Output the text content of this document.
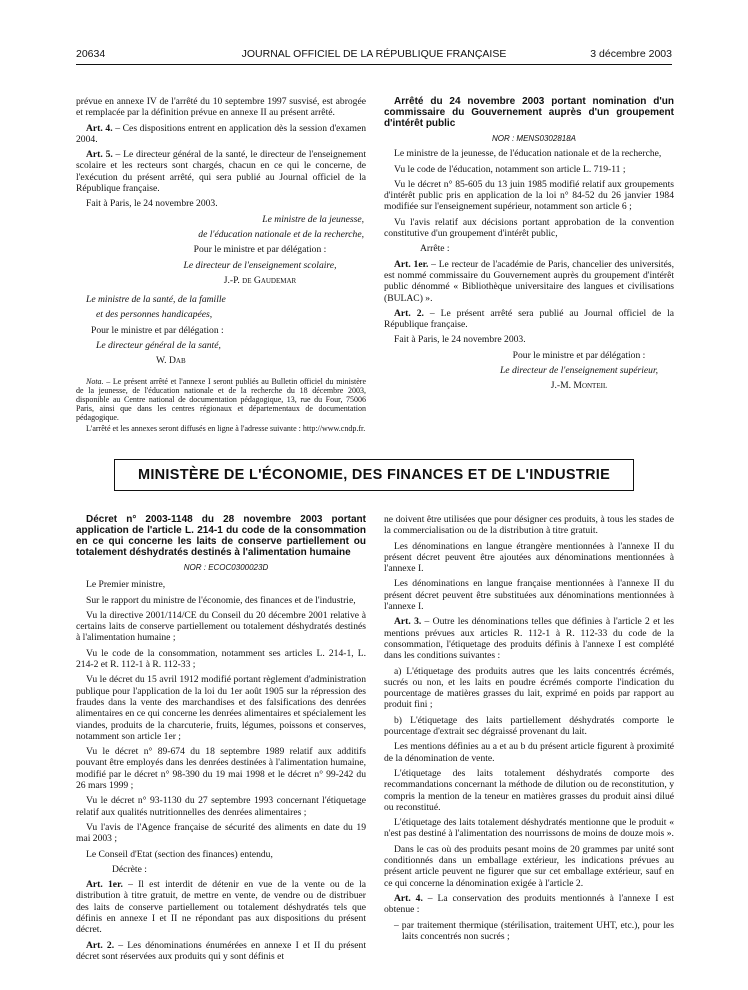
20634	JOURNAL OFFICIEL DE LA RÉPUBLIQUE FRANÇAISE	3 décembre 2003

prévue en annexe IV de l'arrêté du 10 septembre 1997 susvisé, est abrogée et remplacée par la définition prévue en annexe II au présent arrêté.

Art. 4. – Ces dispositions entrent en application dès la session d'examen 2004.

Art. 5. – Le directeur général de la santé, le directeur de l'enseignement scolaire et les recteurs sont chargés, chacun en ce qui le concerne, de l'exécution du présent arrêté, qui sera publié au Journal officiel de la République française.

Fait à Paris, le 24 novembre 2003.

Le ministre de la jeunesse,

de l'éducation nationale et de la recherche,

Pour le ministre et par délégation :

Le directeur de l'enseignement scolaire,

J.-P. de Gaudemar

Le ministre de la santé, de la famille

et des personnes handicapées,

Pour le ministre et par délégation :

Le directeur général de la santé,

W. Dab

Nota. – Le présent arrêté et l'annexe I seront publiés au Bulletin officiel du ministère de la jeunesse, de l'éducation nationale et de la recherche du 18 décembre 2003, disponible au Centre national de documentation pédagogique, 13, rue du Four, 75006 Paris, ainsi que dans les centres régionaux et départementaux de documentation pédagogique.

L'arrêté et les annexes seront diffusés en ligne à l'adresse suivante : http://www.cndp.fr.

Arrêté du 24 novembre 2003 portant nomination d'un commissaire du Gouvernement auprès d'un groupement d'intérêt public

NOR : MENS0302818A

Le ministre de la jeunesse, de l'éducation nationale et de la recherche,

Vu le code de l'éducation, notamment son article L. 719-11 ;

Vu le décret n° 85-605 du 13 juin 1985 modifié relatif aux groupements d'intérêt public pris en application de la loi n° 84-52 du 26 janvier 1984 modifiée sur l'enseignement supérieur, notamment son article 6 ;

Vu l'avis relatif aux décisions portant approbation de la convention constitutive d'un groupement d'intérêt public,

Arrête :

Art. 1er. – Le recteur de l'académie de Paris, chancelier des universités, est nommé commissaire du Gouvernement auprès du groupement d'intérêt public dénommé « Bibliothèque universitaire des langues et civilisations (BULAC) ».

Art. 2. – Le présent arrêté sera publié au Journal officiel de la République française.

Fait à Paris, le 24 novembre 2003.

Pour le ministre et par délégation :

Le directeur de l'enseignement supérieur,

J.-M. Monteil

MINISTÈRE DE L'ÉCONOMIE, DES FINANCES ET DE L'INDUSTRIE

Décret n° 2003-1148 du 28 novembre 2003 portant application de l'article L. 214-1 du code de la consommation en ce qui concerne les laits de conserve partiellement ou totalement déshydratés destinés à l'alimentation humaine

NOR : ECOC0300023D

Le Premier ministre,

Sur le rapport du ministre de l'économie, des finances et de l'industrie,

Vu la directive 2001/114/CE du Conseil du 20 décembre 2001 relative à certains laits de conserve partiellement ou totalement déshydratés destinés à l'alimentation humaine ;

Vu le code de la consommation, notamment ses articles L. 214-1, L. 214-2 et R. 112-1 à R. 112-33 ;

Vu le décret du 15 avril 1912 modifié portant règlement d'administration publique pour l'application de la loi du 1er août 1905 sur la répression des fraudes dans la vente des marchandises et des falsifications des denrées alimentaires en ce qui concerne les denrées alimentaires et spécialement les viandes, produits de la charcuterie, fruits, légumes, poissons et conserves, notamment son article 1er ;

Vu le décret n° 89-674 du 18 septembre 1989 relatif aux additifs pouvant être employés dans les denrées destinées à l'alimentation humaine, modifié par le décret n° 98-390 du 19 mai 1998 et le décret n° 99-242 du 26 mars 1999 ;

Vu le décret n° 93-1130 du 27 septembre 1993 concernant l'étiquetage relatif aux qualités nutritionnelles des denrées alimentaires ;

Vu l'avis de l'Agence française de sécurité des aliments en date du 19 mai 2003 ;

Le Conseil d'Etat (section des finances) entendu,

Décrète :

Art. 1er. – Il est interdit de détenir en vue de la vente ou de la distribution à titre gratuit, de mettre en vente, de vendre ou de distribuer des laits de conserve partiellement ou totalement déshydratés tels que définis en annexe I et II ne répondant pas aux dispositions du présent décret.

Art. 2. – Les dénominations énumérées en annexe I et II du présent décret sont réservées aux produits qui y sont définis et

ne doivent être utilisées que pour désigner ces produits, à tous les stades de la commercialisation ou de la distribution à titre gratuit.

Les dénominations en langue étrangère mentionnées à l'annexe II du présent décret peuvent être ajoutées aux dénominations mentionnées à l'annexe I.

Les dénominations en langue française mentionnées à l'annexe II du présent décret peuvent être substituées aux dénominations mentionnées à l'annexe I.

Art. 3. – Outre les dénominations telles que définies à l'article 2 et les mentions prévues aux articles R. 112-1 à R. 112-33 du code de la consommation, l'étiquetage des produits définis à l'annexe I est complété dans les conditions suivantes :

a) L'étiquetage des produits autres que les laits concentrés écrémés, sucrés ou non, et les laits en poudre écrémés comporte l'indication du pourcentage de matières grasses du lait, exprimé en poids par rapport au produit fini ;

b) L'étiquetage des laits partiellement déshydratés comporte le pourcentage d'extrait sec dégraissé provenant du lait.

Les mentions définies au a et au b du présent article figurent à proximité de la dénomination de vente.

L'étiquetage des laits totalement déshydratés comporte des recommandations concernant la méthode de dilution ou de reconstitution, y compris la mention de la teneur en matières grasses du produit ainsi dilué ou reconstitué.

L'étiquetage des laits totalement déshydratés mentionne que le produit « n'est pas destiné à l'alimentation des nourrissons de moins de douze mois ».

Dans le cas où des produits pesant moins de 20 grammes par unité sont conditionnés dans un emballage extérieur, les indications prévues au présent article peuvent ne figurer que sur cet emballage extérieur, sauf en ce qui concerne la dénomination exigée à l'article 2.

Art. 4. – La conservation des produits mentionnés à l'annexe I est obtenue :

– par traitement thermique (stérilisation, traitement UHT, etc.), pour les laits concentrés non sucrés ;
